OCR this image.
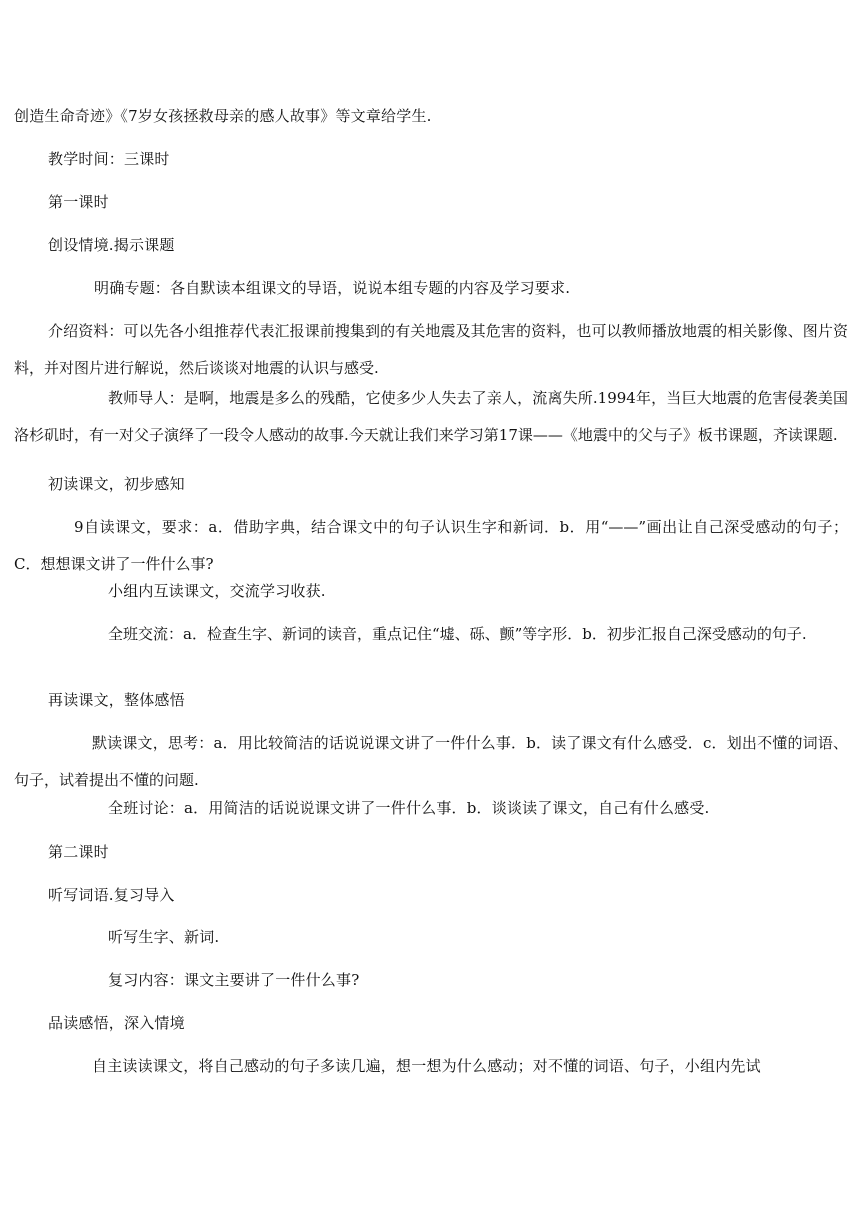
创造生命奇迹》《7岁女孩拯救母亲的感人故事》等文章给学生.
教学时间：三课时
第一课时
创设情境.揭示课题
明确专题：各自默读本组课文的导语，说说本组专题的内容及学习要求.
介绍资料：可以先各小组推荐代表汇报课前搜集到的有关地震及其危害的资料，也可以教师播放地震的相关影像、图片资料，并对图片进行解说，然后谈谈对地震的认识与感受.
教师导人：是啊，地震是多么的残酷，它使多少人失去了亲人，流离失所.1994年，当巨大地震的危害侵袭美国洛杉矶时，有一对父子演绎了一段令人感动的故事.今天就让我们来学习第17课——《地震中的父与子》板书课题，齐读课题.
初读课文，初步感知
9自读课文，要求：a．借助字典，结合课文中的句子认识生字和新词．b．用“——”画出让自己深受感动的句子；C．想想课文讲了一件什么事?
小组内互读课文，交流学习收获.
全班交流：a．检查生字、新词的读音，重点记住“墟、砾、颤”等字形．b．初步汇报自己深受感动的句子.
再读课文，整体感悟
默读课文，思考：a．用比较简洁的话说说课文讲了一件什么事．b．读了课文有什么感受．c．划出不懂的词语、句子，试着提出不懂的问题.
全班讨论：a．用简洁的话说说课文讲了一件什么事．b．谈谈读了课文，自己有什么感受.
第二课时
听写词语.复习导入
听写生字、新词.
复习内容：课文主要讲了一件什么事?
品读感悟，深入情境
自主读读课文，将自己感动的句子多读几遍，想一想为什么感动；对不懂的词语、句子，小组内先试
